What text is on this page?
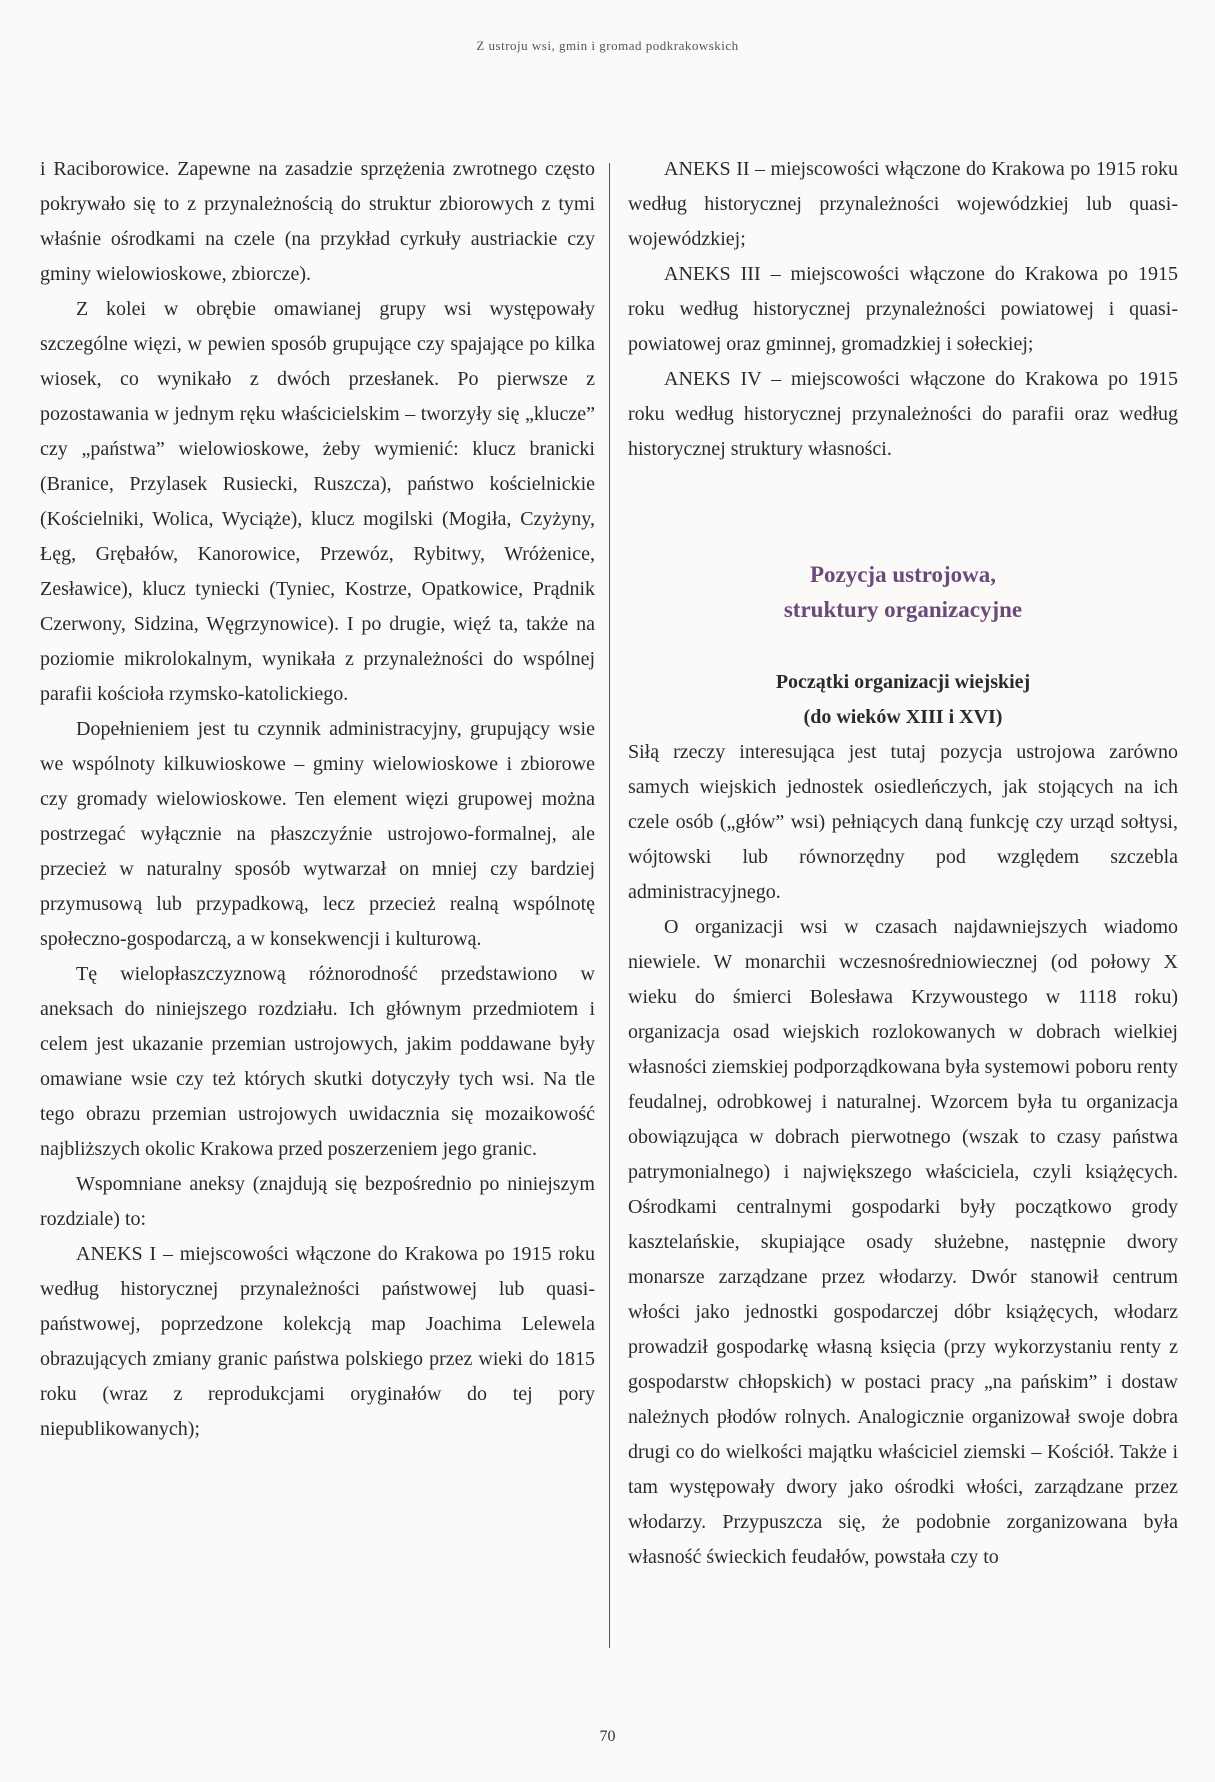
Z ustroju wsi, gmin i gromad podkrakowskich

i Raciborowice. Zapewne na zasadzie sprzężenia zwrotnego często pokrywało się to z przynależnością do struktur zbiorowych z tymi właśnie ośrodkami na czele (na przykład cyrkuły austriackie czy gminy wielowioskowe, zbiorcze).

Z kolei w obrębie omawianej grupy wsi występowały szczególne więzi, w pewien sposób grupujące czy spajające po kilka wiosek, co wynikało z dwóch przesłanek. Po pierwsze z pozostawania w jednym ręku właścicielskim – tworzyły się „klucze” czy „państwa” wielowioskowe, żeby wymienić: klucz branicki (Branice, Przylasek Rusiecki, Ruszcza), państwo kościelnickie (Kościelniki, Wolica, Wyciąże), klucz mogilski (Mogiła, Czyżyny, Łęg, Grębałów, Kanorowice, Przewóz, Rybitwy, Wróżenice, Zesławice), klucz tyniecki (Tyniec, Kostrze, Opatkowice, Prądnik Czerwony, Sidzina, Węgrzynowice). I po drugie, więź ta, także na poziomie mikrolokalnym, wynikała z przynależności do wspólnej parafii kościoła rzymsko-katolickiego.

Dopełnieniem jest tu czynnik administracyjny, grupujący wsie we wspólnoty kilkuwioskowe – gminy wielowioskowe i zbiorowe czy gromady wielowioskowe. Ten element więzi grupowej można postrzegać wyłącznie na płaszczyźnie ustrojowo-formalnej, ale przecież w naturalny sposób wytwarzał on mniej czy bardziej przymusową lub przypadkową, lecz przecież realną wspólnotę społeczno-gospodarczą, a w konsekwencji i kulturową.

Tę wielopłaszczyznową różnorodność przedstawiono w aneksach do niniejszego rozdziału. Ich głównym przedmiotem i celem jest ukazanie przemian ustrojowych, jakim poddawane były omawiane wsie czy też których skutki dotyczyły tych wsi. Na tle tego obrazu przemian ustrojowych uwidacznia się mozaikowość najbliższych okolic Krakowa przed poszerzeniem jego granic.

Wspomniane aneksy (znajdują się bezpośrednio po niniejszym rozdziale) to:

ANEKS I – miejscowości włączone do Krakowa po 1915 roku według historycznej przynależności państwowej lub quasi-państwowej, poprzedzone kolekcją map Joachima Lelewela obrazujących zmiany granic państwa polskiego przez wieki do 1815 roku (wraz z reprodukcjami oryginałów do tej pory niepublikowanych);

ANEKS II – miejscowości włączone do Krakowa po 1915 roku według historycznej przynależności wojewódzkiej lub quasi-wojewódzkiej;

ANEKS III – miejscowości włączone do Krakowa po 1915 roku według historycznej przynależności powiatowej i quasi-powiatowej oraz gminnej, gromadzkiej i sołeckiej;

ANEKS IV – miejscowości włączone do Krakowa po 1915 roku według historycznej przynależności do parafii oraz według historycznej struktury własności.

Pozycja ustrojowa,
struktury organizacyjne
Początki organizacji wiejskiej
(do wieków XIII i XVI)

Siłą rzeczy interesująca jest tutaj pozycja ustrojowa zarówno samych wiejskich jednostek osiedleńczych, jak stojących na ich czele osób („głów” wsi) pełniących daną funkcję czy urząd sołtysi, wójtowski lub równorzędny pod względem szczebla administracyjnego.

O organizacji wsi w czasach najdawniejszych wiadomo niewiele. W monarchii wczesnośredniowiecznej (od połowy X wieku do śmierci Bolesława Krzywoustego w 1118 roku) organizacja osad wiejskich rozlokowanych w dobrach wielkiej własności ziemskiej podporządkowana była systemowi poboru renty feudalnej, odrobkowej i naturalnej. Wzorcem była tu organizacja obowiązująca w dobrach pierwotnego (wszak to czasy państwa patrymonialnego) i największego właściciela, czyli książęcych. Ośrodkami centralnymi gospodarki były początkowo grody kasztelańskie, skupiające osady służebne, następnie dwory monarsze zarządzane przez włodarzy. Dwór stanowił centrum włości jako jednostki gospodarczej dóbr książęcych, włodarz prowadził gospodarkę własną księcia (przy wykorzystaniu renty z gospodarstw chłopskich) w postaci pracy „na pańskim” i dostaw należnych płodów rolnych. Analogicznie organizował swoje dobra drugi co do wielkości majątku właściciel ziemski – Kościół. Także i tam występowały dwory jako ośrodki włości, zarządzane przez włodarzy. Przypuszcza się, że podobnie zorganizowana była własność świeckich feudałów, powstała czy to

70
